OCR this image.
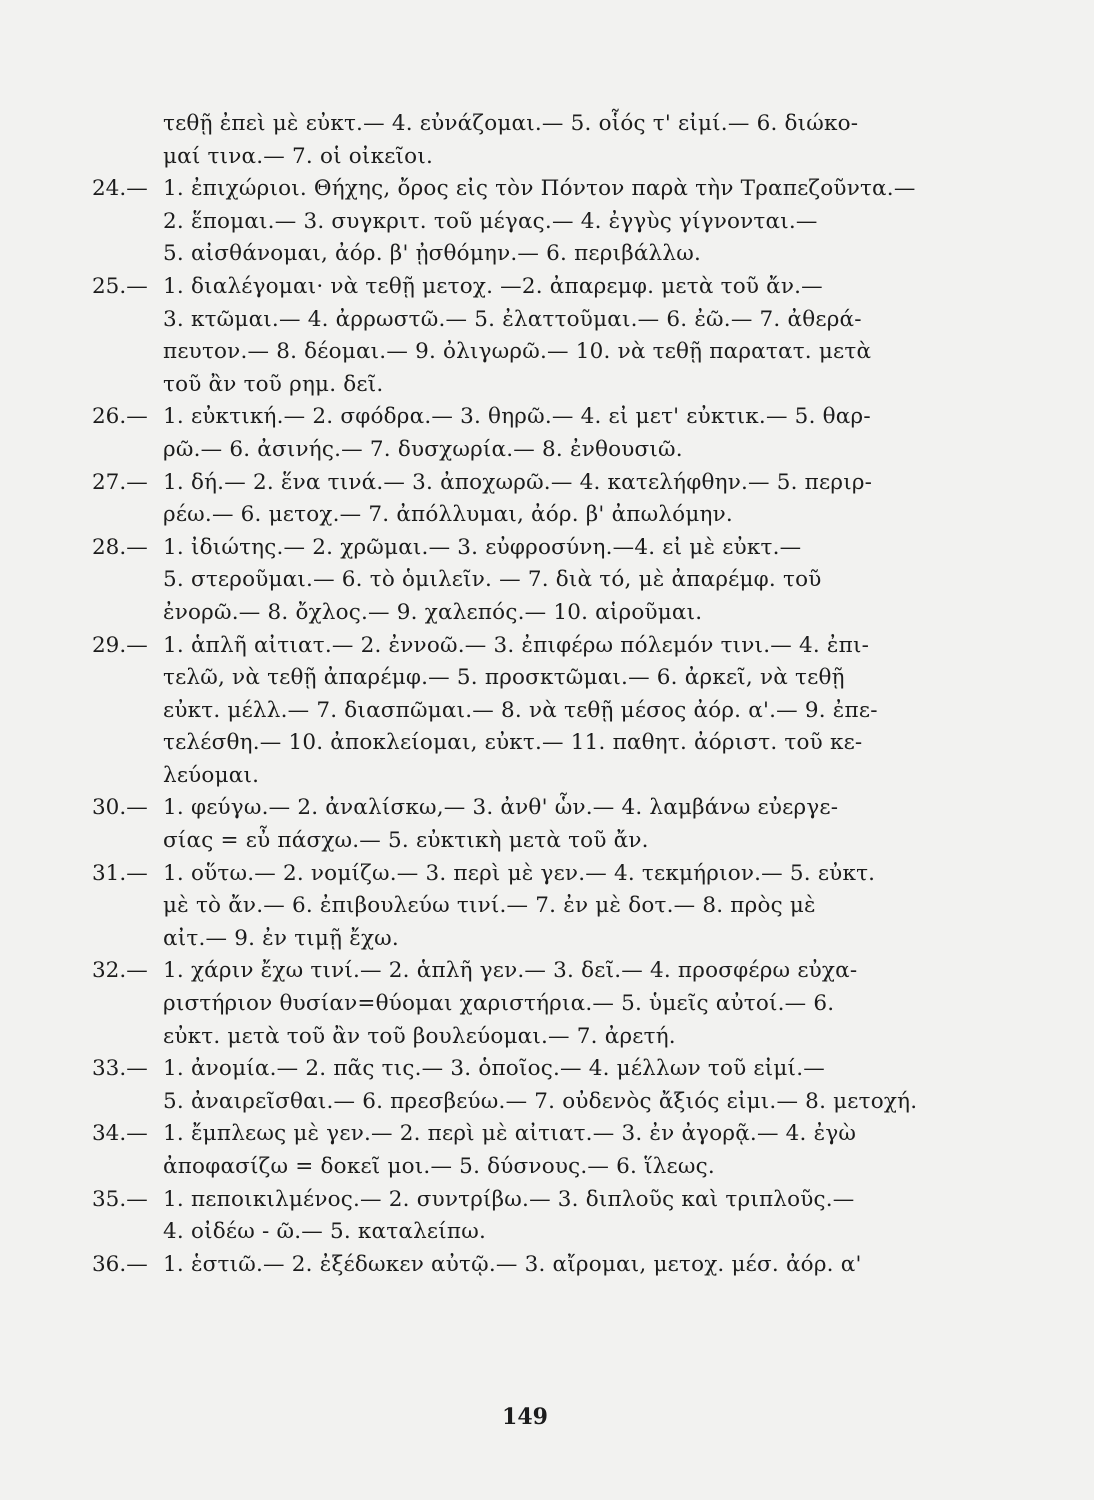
τεθῇ ἐπεὶ μὲ εὐκτ.— 4. εὐνάζομαι.— 5. οἷός τ' εἰμί.— 6. διώκο-
μαί τινα.— 7. οἱ οἰκεῖοι.
24.— 1. ἐπιχώριοι. Θήχης, ὄρος εἰς τὸν Πόντον παρὰ τὴν Τραπεζοῦντα.—
2. ἕπομαι.— 3. συγκριτ. τοῦ μέγας.— 4. ἐγγὺς γίγνονται.—
5. αἰσθάνομαι, ἀόρ. β' ᾐσθόμην.— 6. περιβάλλω.
25.— 1. διαλέγομαι· νὰ τεθῇ μετοχ. —2. ἀπαρεμφ. μετὰ τοῦ ἄν.—
3. κτῶμαι.— 4. ἀρρωστῶ.— 5. ἐλαττοῦμαι.— 6. ἐῶ.— 7. ἀθερά-
πευτον.— 8. δέομαι.— 9. ὀλιγωρῶ.— 10. νὰ τεθῇ παρατατ. μετὰ
τοῦ ἂν τοῦ ρημ. δεῖ.
26.— 1. εὐκτική.— 2. σφόδρα.— 3. θηρῶ.— 4. εἰ μετ' εὐκτικ.— 5. θαρ-
ρῶ.— 6. ἀσινής.— 7. δυσχωρία.— 8. ἐνθουσιῶ.
27.— 1. δή.— 2. ἕνα τινά.— 3. ἀποχωρῶ.— 4. κατελήφθην.— 5. περιρ-
ρέω.— 6. μετοχ.— 7. ἀπόλλυμαι, ἀόρ. β' ἀπωλόμην.
28.— 1. ἰδιώτης.— 2. χρῶμαι.— 3. εὐφροσύνη.—4. εἰ μὲ εὐκτ.—
5. στεροῦμαι.— 6. τὸ ὁμιλεῖν. — 7. διὰ τό, μὲ ἀπαρέμφ. τοῦ
ἐνορῶ.— 8. ὄχλος.— 9. χαλεπός.— 10. αἱροῦμαι.
29.— 1. ἁπλῆ αἰτιατ.— 2. ἐννοῶ.— 3. ἐπιφέρω πόλεμόν τινι.— 4. ἐπι-
τελῶ, νὰ τεθῇ ἀπαρέμφ.— 5. προσκτῶμαι.— 6. ἀρκεῖ, νὰ τεθῇ
εὐκτ. μέλλ.— 7. διασπῶμαι.— 8. νὰ τεθῇ μέσος ἀόρ. α'.— 9. ἐπε-
τελέσθη.— 10. ἀποκλείομαι, εὐκτ.— 11. παθητ. ἀόριστ. τοῦ κε-
λεύομαι.
30.— 1. φεύγω.— 2. ἀναλίσκω,— 3. ἀνθ' ὧν.— 4. λαμβάνω εὐεργε-
σίας = εὖ πάσχω.— 5. εὐκτικὴ μετὰ τοῦ ἄν.
31.— 1. οὕτω.— 2. νομίζω.— 3. περὶ μὲ γεν.— 4. τεκμήριον.— 5. εὐκτ.
μὲ τὸ ἄν.— 6. ἐπιβουλεύω τινί.— 7. ἐν μὲ δοτ.— 8. πρὸς μὲ
αἰτ.— 9. ἐν τιμῇ ἔχω.
32.— 1. χάριν ἔχω τινί.— 2. ἁπλῆ γεν.— 3. δεῖ.— 4. προσφέρω εὐχα-
ριστήριον θυσίαν=θύομαι χαριστήρια.— 5. ὑμεῖς αὐτοί.— 6.
εὐκτ. μετὰ τοῦ ἂν τοῦ βουλεύομαι.— 7. ἀρετή.
33.— 1. ἀνομία.— 2. πᾶς τις.— 3. ὁποῖος.— 4. μέλλων τοῦ εἰμί.—
5. ἀναιρεῖσθαι.— 6. πρεσβεύω.— 7. οὐδενὸς ἄξιός εἰμι.— 8. μετοχή.
34.— 1. ἔμπλεως μὲ γεν.— 2. περὶ μὲ αἰτιατ.— 3. ἐν ἀγορᾷ.— 4. ἐγὼ
ἀποφασίζω = δοκεῖ μοι.— 5. δύσνους.— 6. ἵλεως.
35.— 1. πεποικιλμένος.— 2. συντρίβω.— 3. διπλοῦς καὶ τριπλοῦς.—
4. οἰδέω - ῶ.— 5. καταλείπω.
36.— 1. ἑστιῶ.— 2. ἐξέδωκεν αὐτῷ.— 3. αἴρομαι, μετοχ. μέσ. ἀόρ. α'
149
